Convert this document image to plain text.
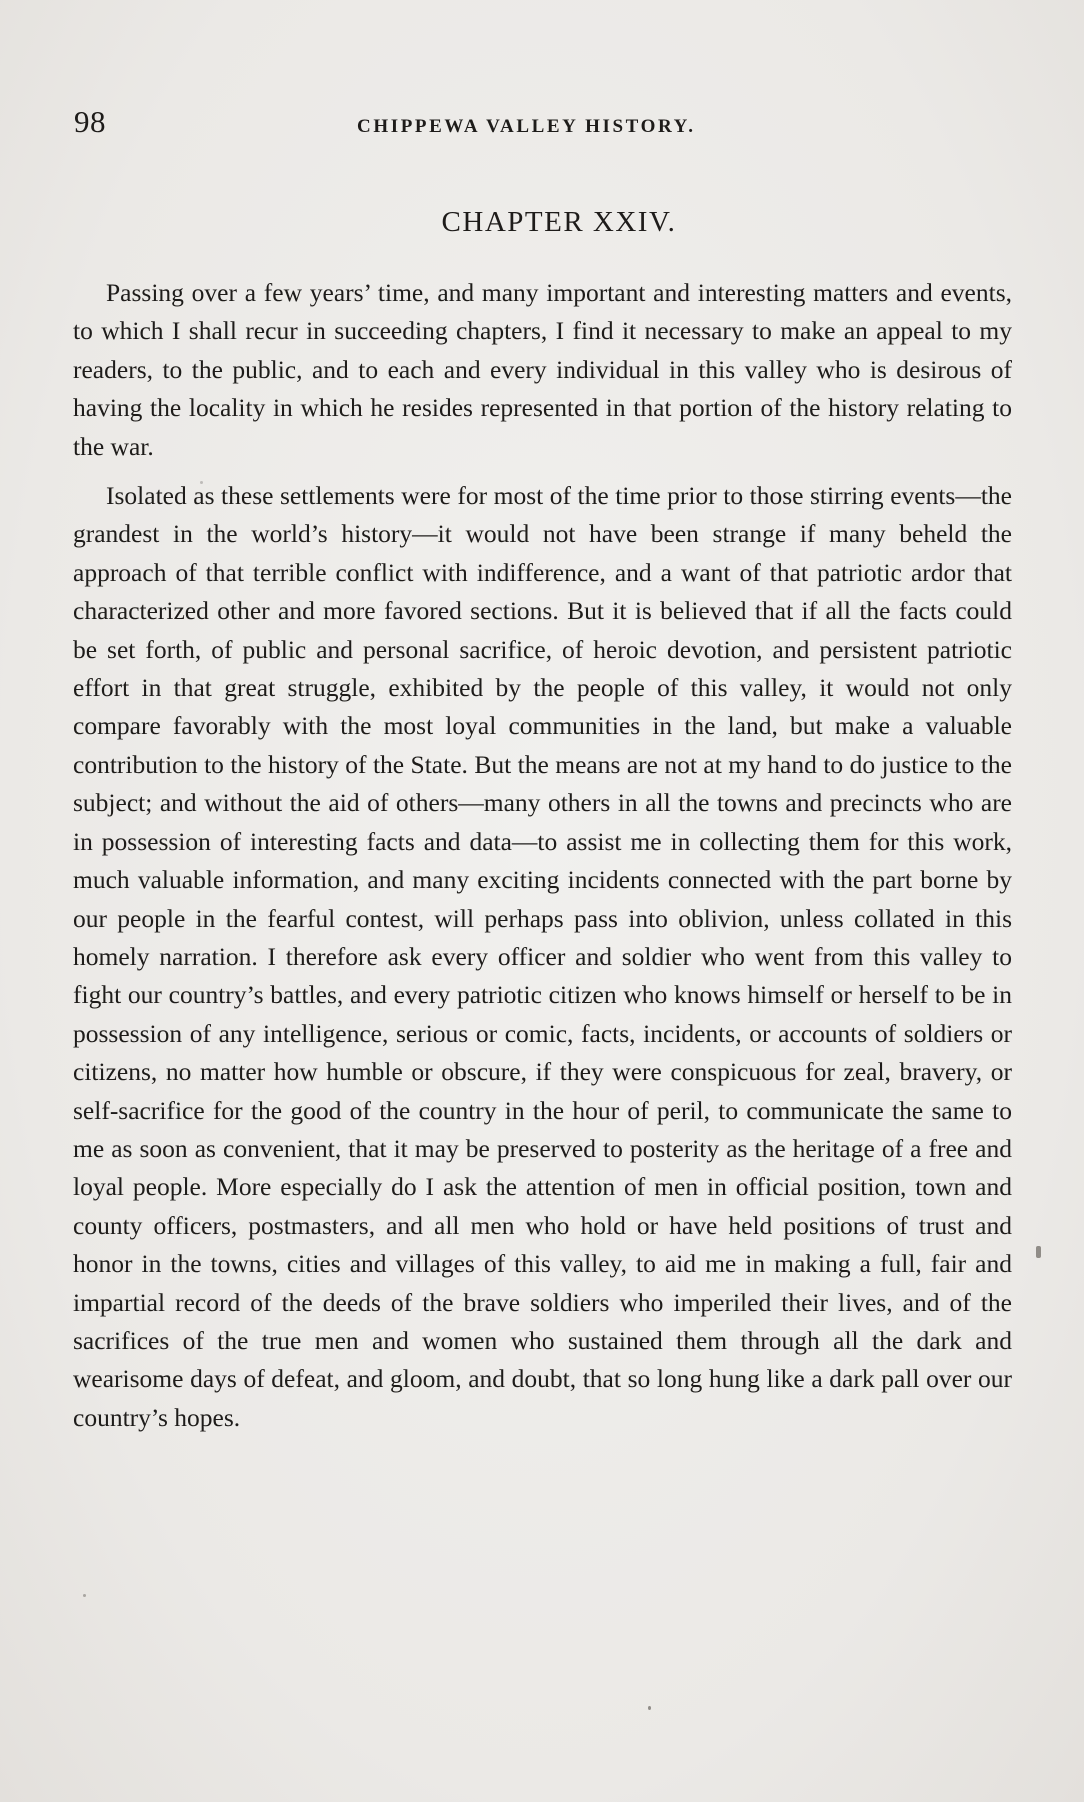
98	CHIPPEWA VALLEY HISTORY.
CHAPTER XXIV.

Passing over a few years’ time, and many important and interesting matters and events, to which I shall recur in succeeding chapters, I find it necessary to make an appeal to my readers, to the public, and to each and every individual in this valley who is desirous of having the locality in which he resides represented in that portion of the history relating to the war.

Isolated as these settlements were for most of the time prior to those stirring events—the grandest in the world’s history—it would not have been strange if many beheld the approach of that terrible conflict with indifference, and a want of that patriotic ardor that characterized other and more favored sections. But it is believed that if all the facts could be set forth, of public and personal sacrifice, of heroic devotion, and persistent patriotic effort in that great struggle, exhibited by the people of this valley, it would not only compare favorably with the most loyal communities in the land, but make a valuable contribution to the history of the State. But the means are not at my hand to do justice to the subject; and without the aid of others—many others in all the towns and precincts who are in possession of interesting facts and data—to assist me in collecting them for this work, much valuable information, and many exciting incidents connected with the part borne by our people in the fearful contest, will perhaps pass into oblivion, unless collated in this homely narration. I therefore ask every officer and soldier who went from this valley to fight our country’s battles, and every patriotic citizen who knows himself or herself to be in possession of any intelligence, serious or comic, facts, incidents, or accounts of soldiers or citizens, no matter how humble or obscure, if they were conspicuous for zeal, bravery, or self-sacrifice for the good of the country in the hour of peril, to communicate the same to me as soon as convenient, that it may be preserved to posterity as the heritage of a free and loyal people. More especially do I ask the attention of men in official position, town and county officers, postmasters, and all men who hold or have held positions of trust and honor in the towns, cities and villages of this valley, to aid me in making a full, fair and impartial record of the deeds of the brave soldiers who imperiled their lives, and of the sacrifices of the true men and women who sustained them through all the dark and wearisome days of defeat, and gloom, and doubt, that so long hung like a dark pall over our country’s hopes.
